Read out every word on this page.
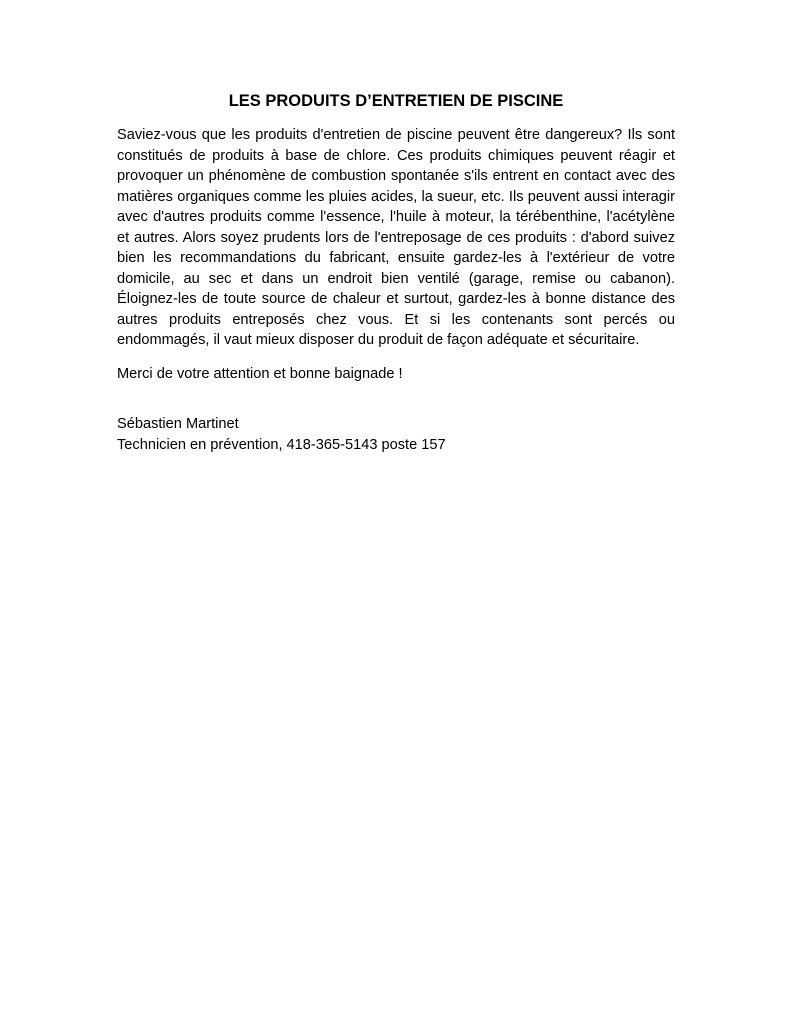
LES PRODUITS D’ENTRETIEN DE PISCINE

Saviez-vous que les produits d'entretien de piscine peuvent être dangereux? Ils sont constitués de produits à base de chlore. Ces produits chimiques peuvent réagir et provoquer un phénomène de combustion spontanée s'ils entrent en contact avec des matières organiques comme les pluies acides, la sueur, etc. Ils peuvent aussi interagir avec d'autres produits comme l'essence, l'huile à moteur, la térébenthine, l'acétylène et autres. Alors soyez prudents lors de l'entreposage de ces produits : d'abord suivez bien les recommandations du fabricant, ensuite gardez-les à l'extérieur de votre domicile, au sec et dans un endroit bien ventilé (garage, remise ou cabanon). Éloignez-les de toute source de chaleur et surtout, gardez-les à bonne distance des autres produits entreposés chez vous. Et si les contenants sont percés ou endommagés, il vaut mieux disposer du produit de façon adéquate et sécuritaire.

Merci de votre attention et bonne baignade !

Sébastien Martinet
Technicien en prévention, 418-365-5143 poste 157
